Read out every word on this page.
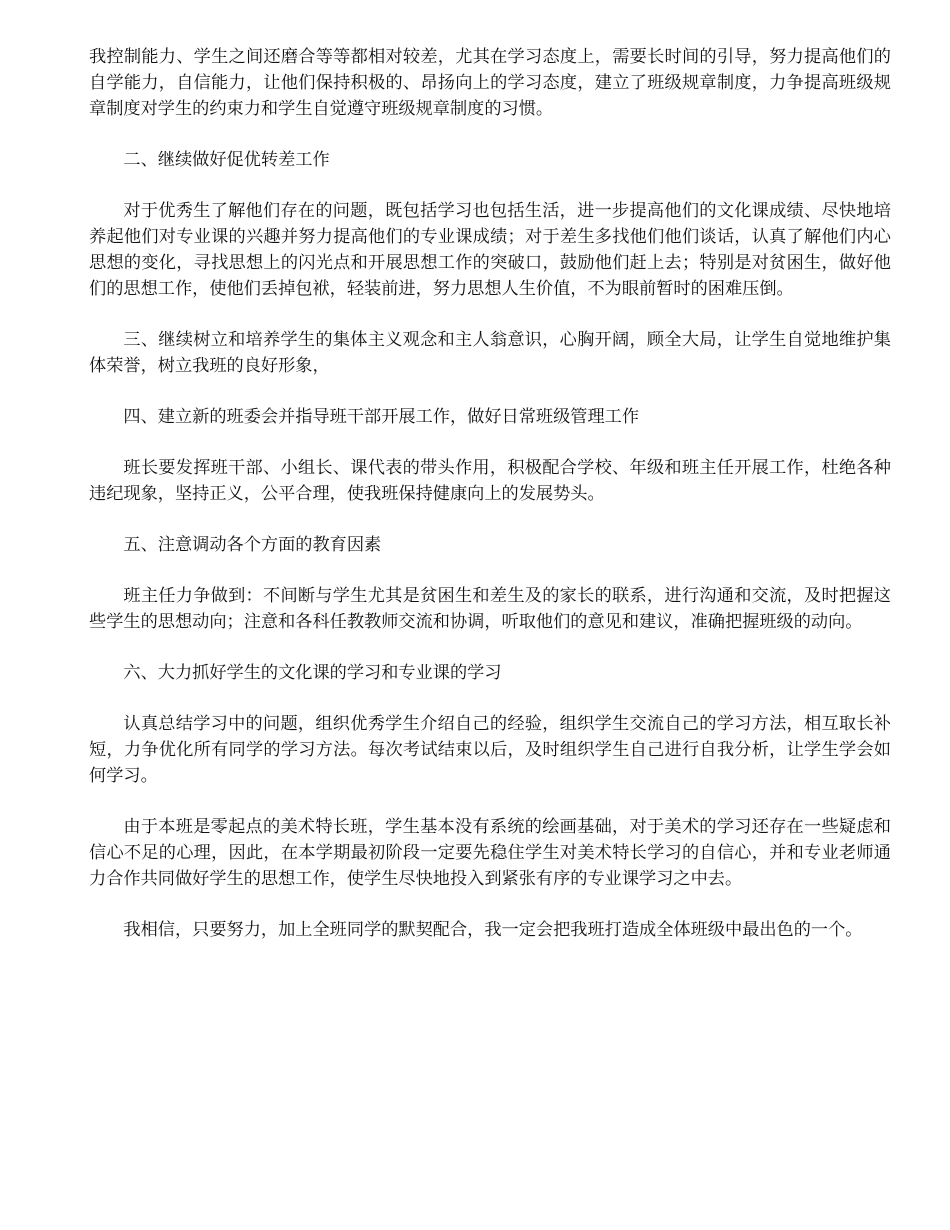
我控制能力、学生之间还磨合等等都相对较差，尤其在学习态度上，需要长时间的引导，努力提高他们的自学能力，自信能力，让他们保持积极的、昂扬向上的学习态度，建立了班级规章制度，力争提高班级规章制度对学生的约束力和学生自觉遵守班级规章制度的习惯。

二、继续做好促优转差工作

对于优秀生了解他们存在的问题，既包括学习也包括生活，进一步提高他们的文化课成绩、尽快地培养起他们对专业课的兴趣并努力提高他们的专业课成绩；对于差生多找他们他们谈话，认真了解他们内心思想的变化，寻找思想上的闪光点和开展思想工作的突破口，鼓励他们赶上去；特别是对贫困生，做好他们的思想工作，使他们丢掉包袱，轻装前进，努力思想人生价值，不为眼前暂时的困难压倒。

三、继续树立和培养学生的集体主义观念和主人翁意识，心胸开阔，顾全大局，让学生自觉地维护集体荣誉，树立我班的良好形象，

四、建立新的班委会并指导班干部开展工作，做好日常班级管理工作

班长要发挥班干部、小组长、课代表的带头作用，积极配合学校、年级和班主任开展工作，杜绝各种违纪现象，坚持正义，公平合理，使我班保持健康向上的发展势头。

五、注意调动各个方面的教育因素

班主任力争做到：不间断与学生尤其是贫困生和差生及的家长的联系，进行沟通和交流，及时把握这些学生的思想动向；注意和各科任教教师交流和协调，听取他们的意见和建议，准确把握班级的动向。

六、大力抓好学生的文化课的学习和专业课的学习

认真总结学习中的问题，组织优秀学生介绍自己的经验，组织学生交流自己的学习方法，相互取长补短，力争优化所有同学的学习方法。每次考试结束以后，及时组织学生自己进行自我分析，让学生学会如何学习。

由于本班是零起点的美术特长班，学生基本没有系统的绘画基础，对于美术的学习还存在一些疑虑和信心不足的心理，因此，在本学期最初阶段一定要先稳住学生对美术特长学习的自信心，并和专业老师通力合作共同做好学生的思想工作，使学生尽快地投入到紧张有序的专业课学习之中去。

我相信，只要努力，加上全班同学的默契配合，我一定会把我班打造成全体班级中最出色的一个。
